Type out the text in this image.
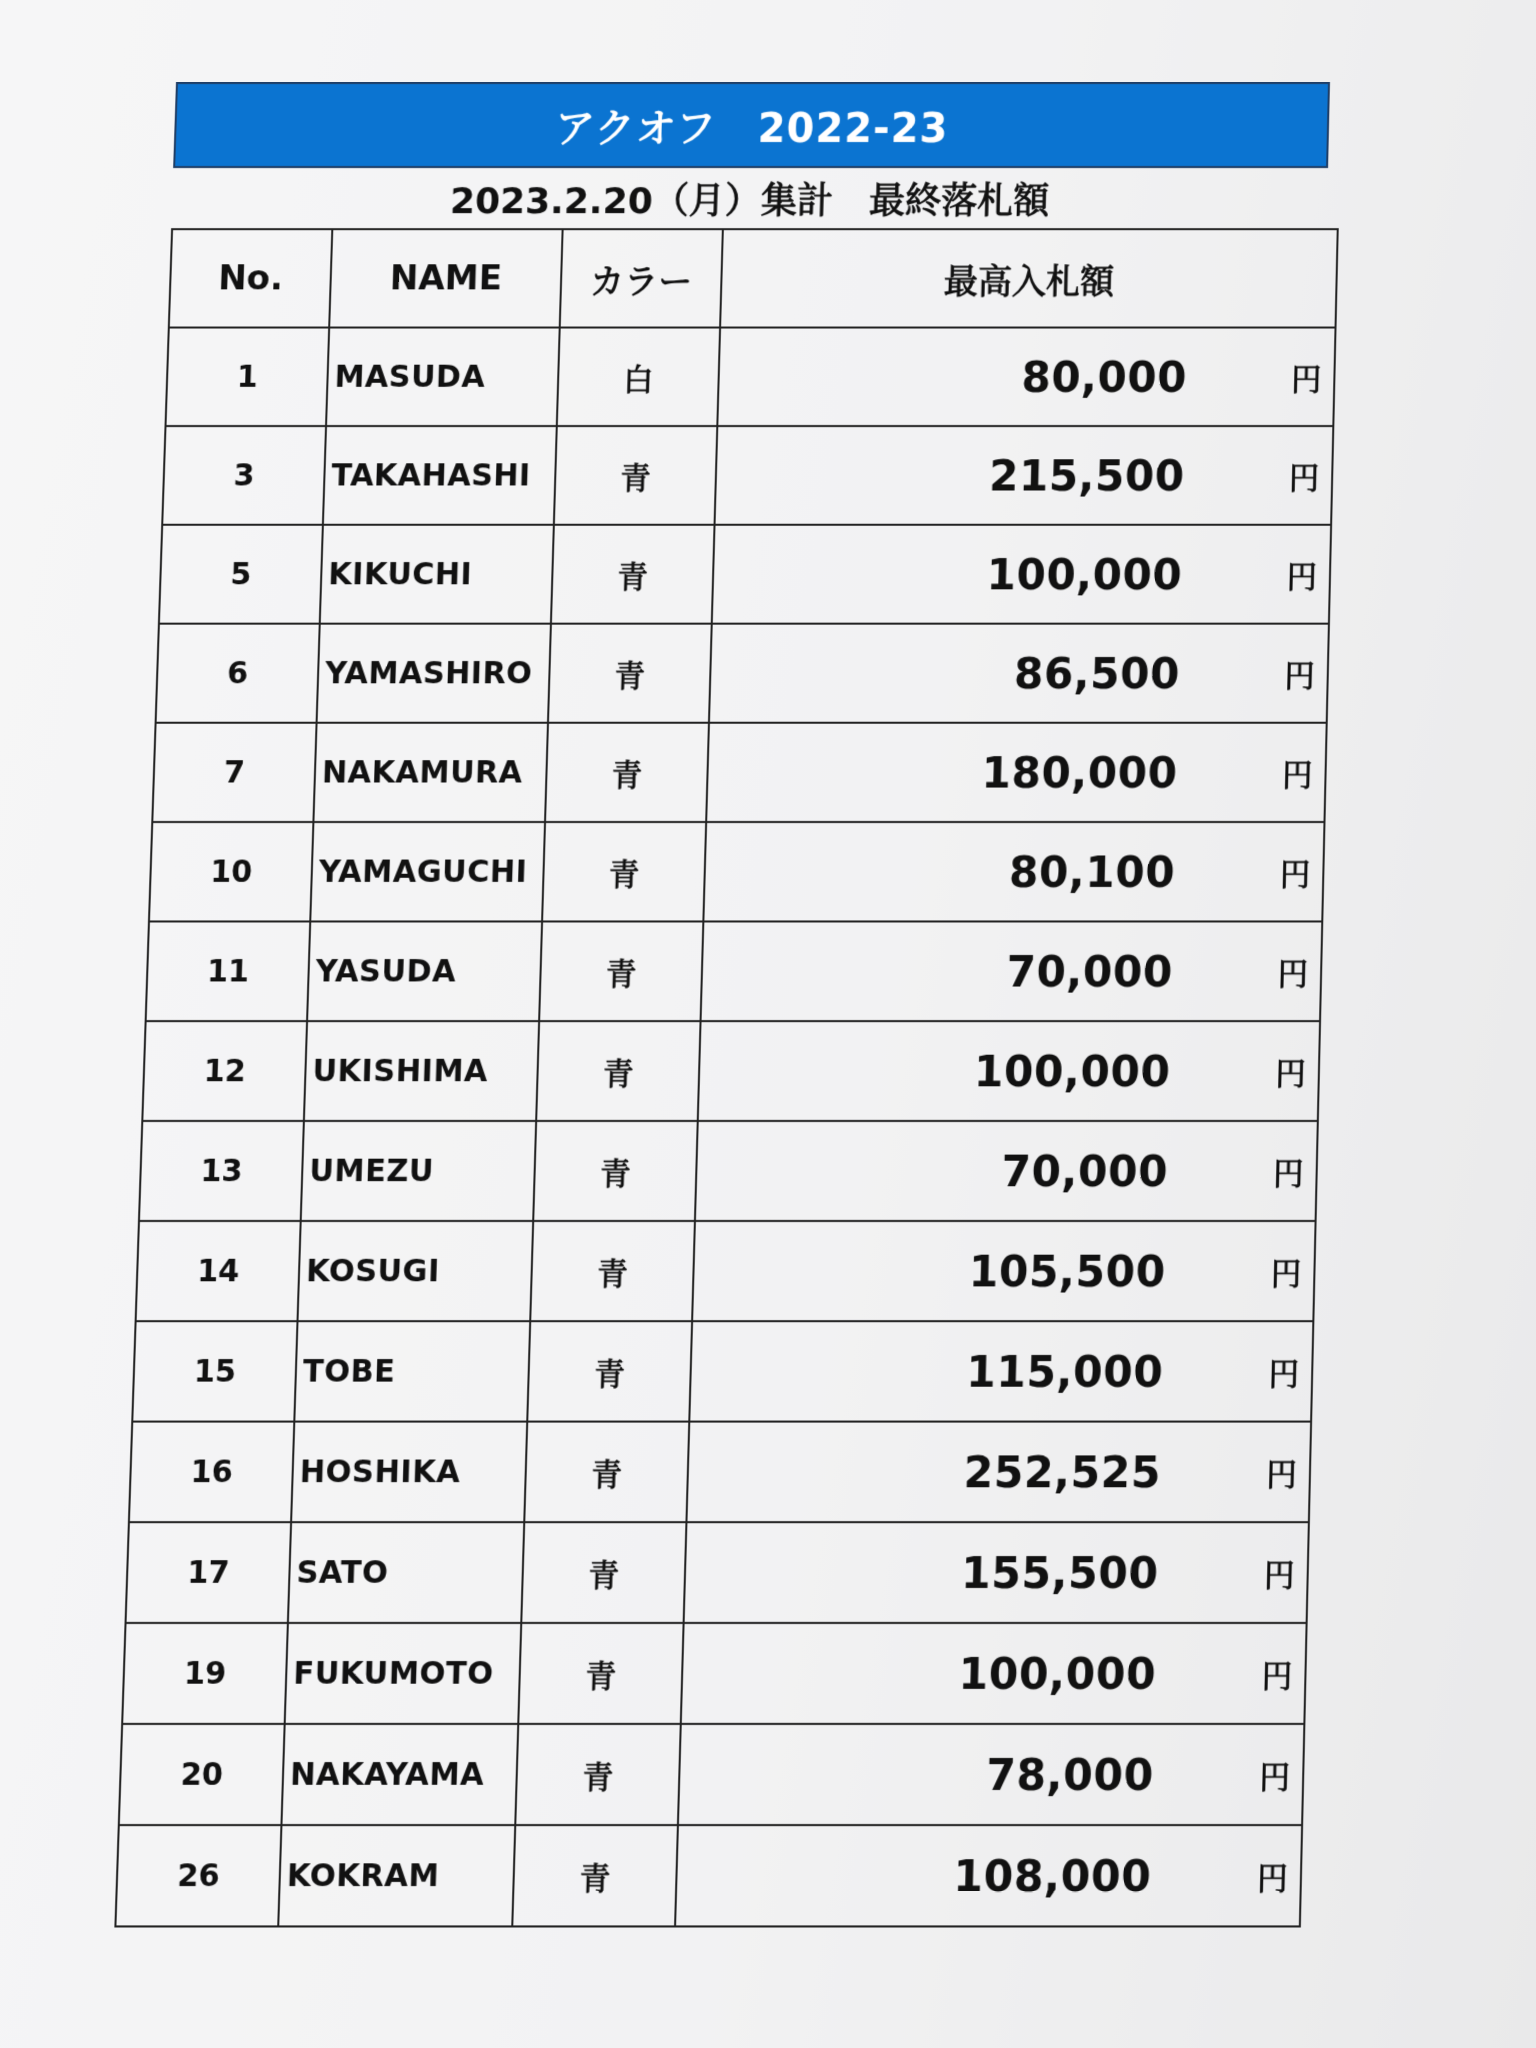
アクオフ　2022-23
2023.2.20（月）集計　最終落札額
No.	NAME	カラー	最高入札額
1	MASUDA	白	80,000 円

3	TAKAHASHI	青	215,500 円

5	KIKUCHI	青	100,000 円

6	YAMASHIRO	青	86,500 円

7	NAKAMURA	青	180,000 円

10	YAMAGUCHI	青	80,100 円

11	YASUDA	青	70,000 円

12	UKISHIMA	青	100,000 円

13	UMEZU	青	70,000 円

14	KOSUGI	青	105,500 円

15	TOBE	青	115,000 円

16	HOSHIKA	青	252,525 円

17	SATO	青	155,500 円

19	FUKUMOTO	青	100,000 円

20	NAKAYAMA	青	78,000 円

26	KOKRAM	青	108,000 円
